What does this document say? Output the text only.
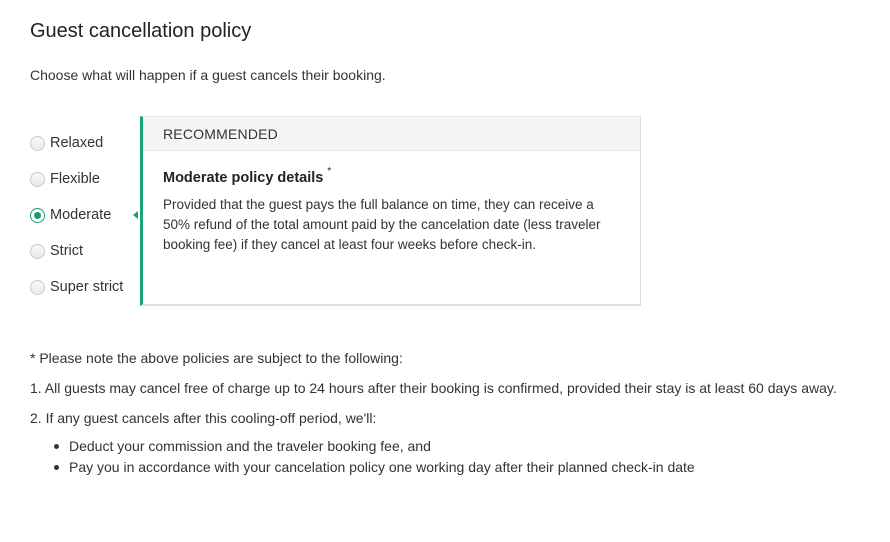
Guest cancellation policy
Choose what will happen if a guest cancels their booking.
Relaxed
Flexible
Moderate
Strict
Super strict
RECOMMENDED
Moderate policy details *
Provided that the guest pays the full balance on time, they can receive a 50% refund of the total amount paid by the cancelation date (less traveler booking fee) if they cancel at least four weeks before check-in.
* Please note the above policies are subject to the following:
1. All guests may cancel free of charge up to 24 hours after their booking is confirmed, provided their stay is at least 60 days away.
2. If any guest cancels after this cooling-off period, we'll:
Deduct your commission and the traveler booking fee, and
Pay you in accordance with your cancelation policy one working day after their planned check-in date
